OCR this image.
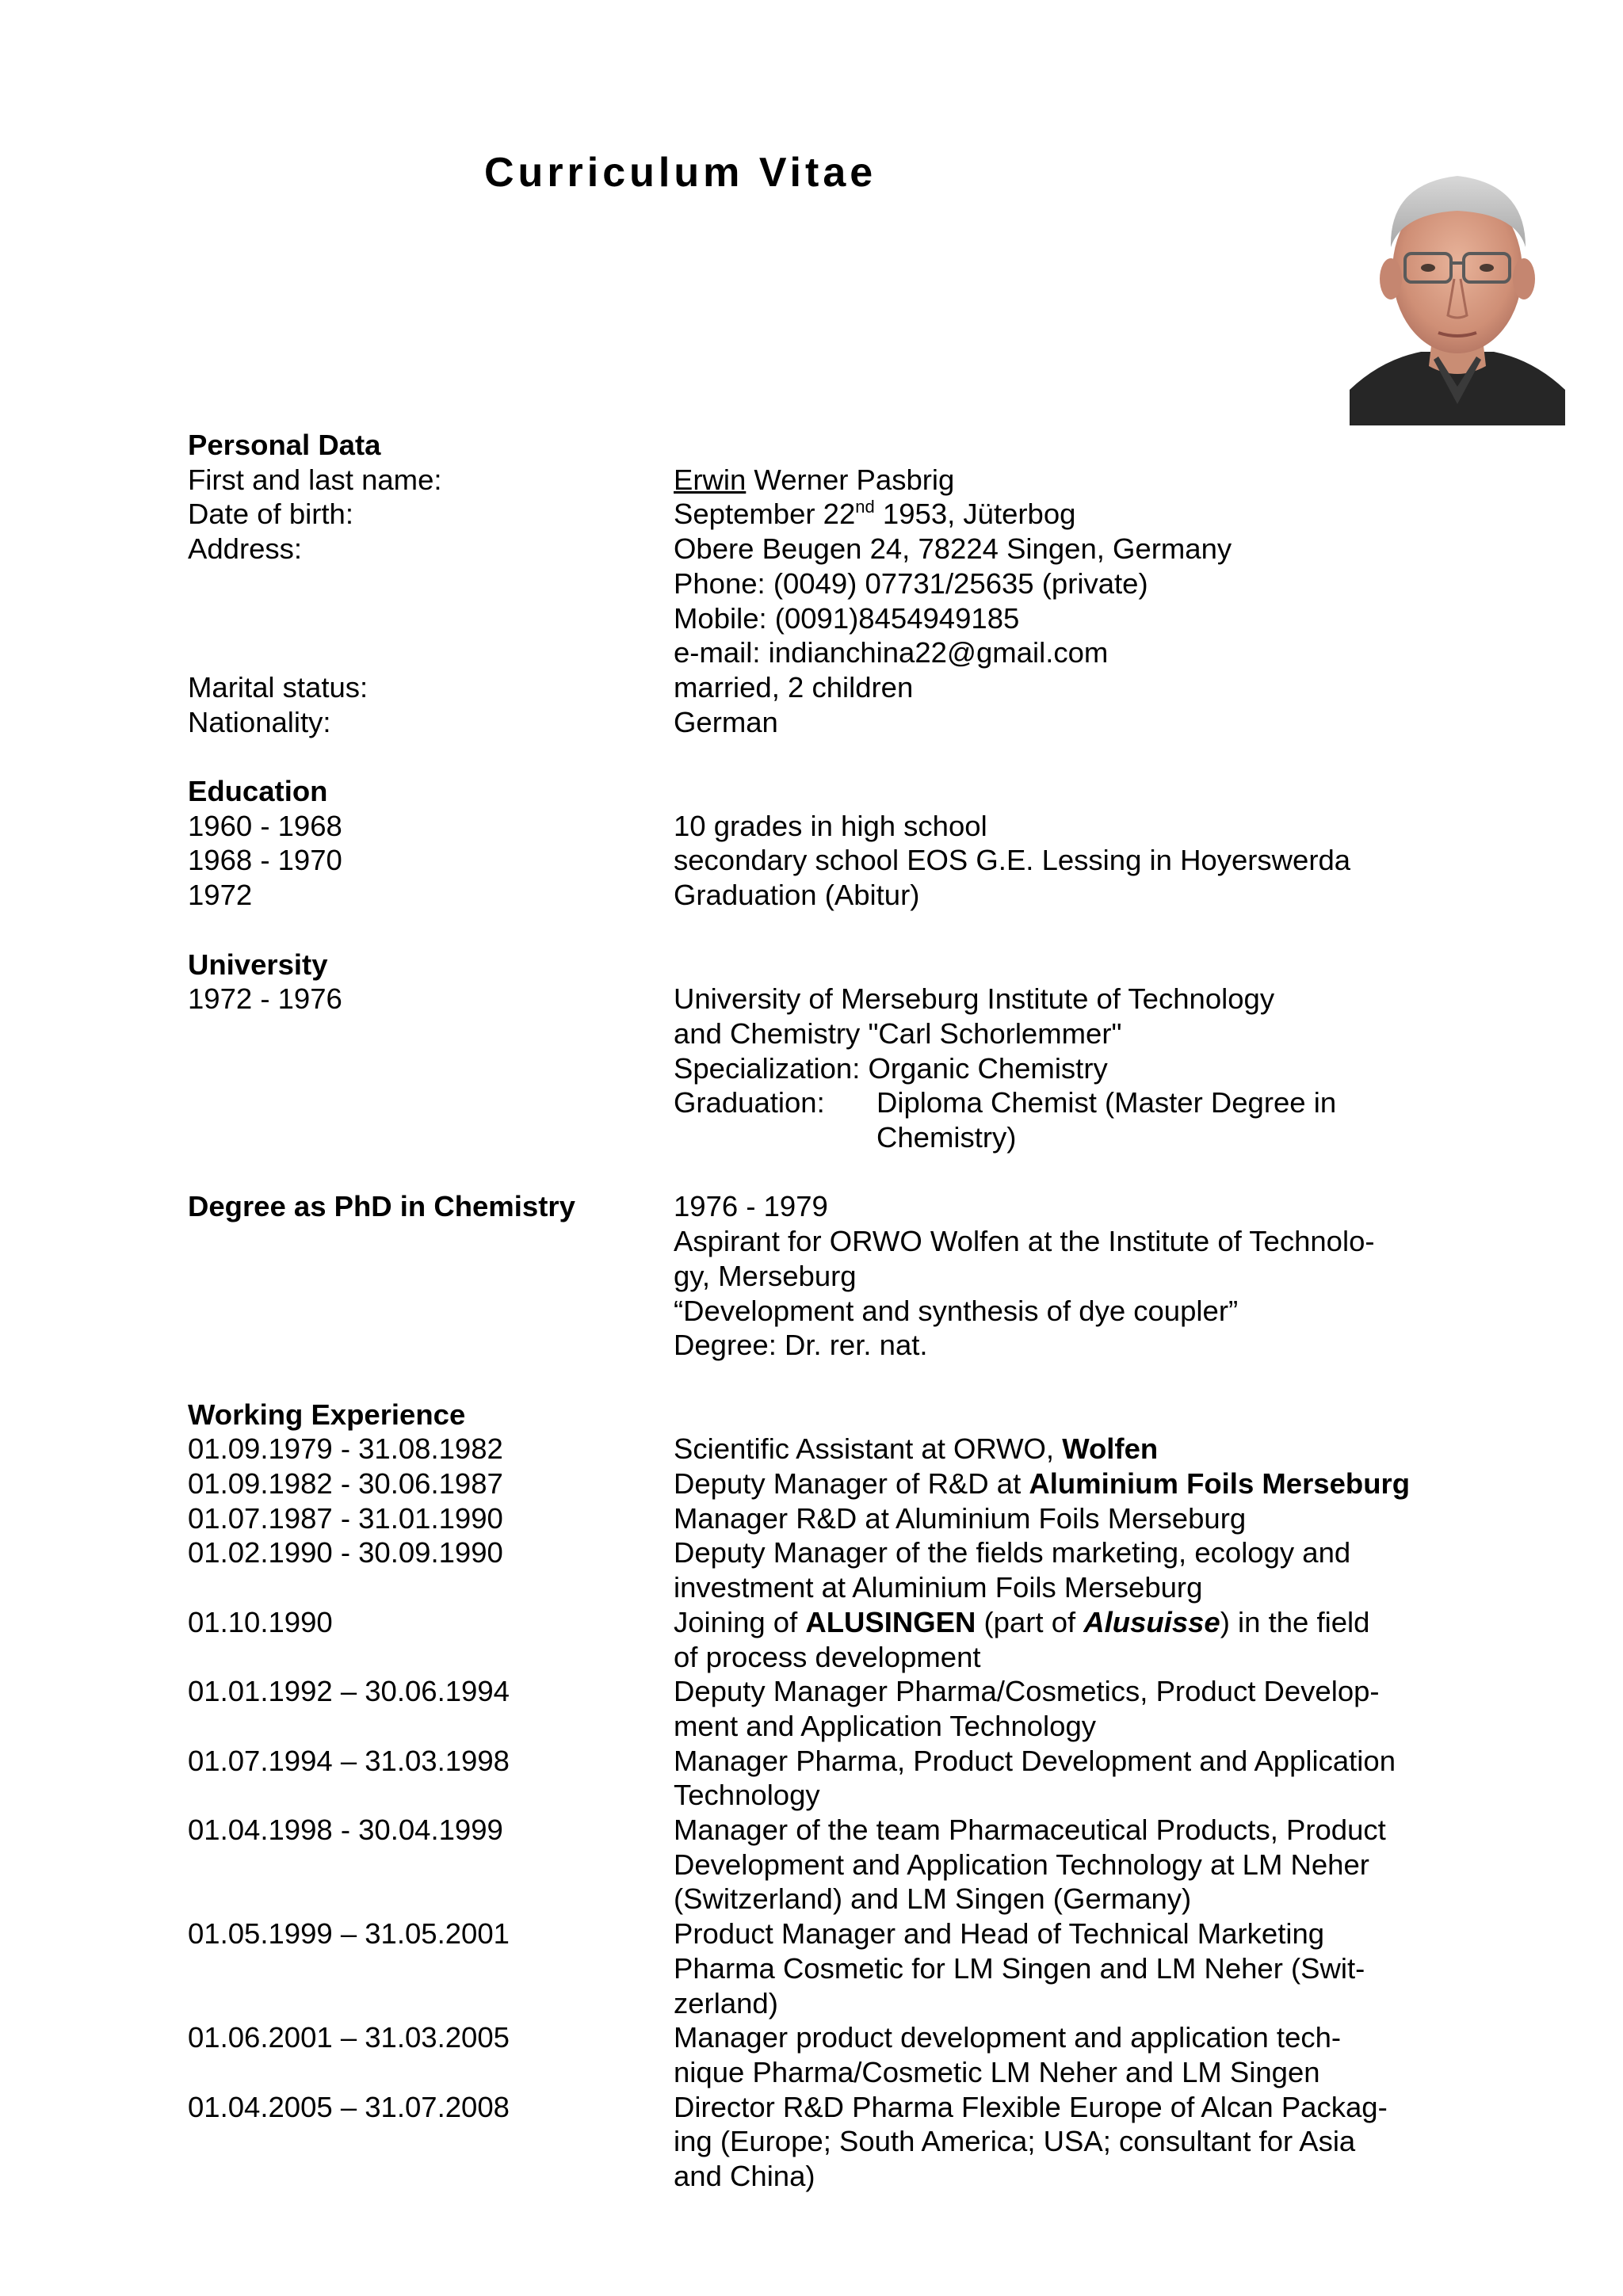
Curriculum Vitae
Personal Data
First and last name:	Erwin Werner Pasbrig
Date of birth:	September 22nd 1953, Jüterbog
Address:	Obere Beugen 24, 78224 Singen, Germany
Phone: (0049) 07731/25635 (private)
Mobile: (0091)8454949185
e-mail: indianchina22@gmail.com
Marital status:	married, 2 children
Nationality:	German
Education
1960 - 1968	10 grades in high school
1968 - 1970	secondary school EOS G.E. Lessing in Hoyerswerda
1972	Graduation (Abitur)
University
1972 - 1976	University of Merseburg Institute of Technology
and Chemistry "Carl Schorlemmer"
Specialization: Organic Chemistry
Graduation:	Diploma Chemist (Master Degree in
Chemistry)
Degree as PhD in Chemistry	1976 - 1979
Aspirant for ORWO Wolfen at the Institute of Technolo-
gy, Merseburg
“Development and synthesis of dye coupler”
Degree: Dr. rer. nat.
Working Experience
01.09.1979 - 31.08.1982	Scientific Assistant at ORWO, Wolfen
01.09.1982 - 30.06.1987	Deputy Manager of R&D at Aluminium Foils Merseburg
01.07.1987 - 31.01.1990	Manager R&D at Aluminium Foils Merseburg
01.02.1990 - 30.09.1990	Deputy Manager of the fields marketing, ecology and
investment at Aluminium Foils Merseburg
01.10.1990	Joining of ALUSINGEN (part of Alusuisse) in the field
of process development
01.01.1992 – 30.06.1994	Deputy Manager Pharma/Cosmetics, Product Develop-
ment and Application Technology
01.07.1994 – 31.03.1998	Manager Pharma, Product Development and Application
Technology
01.04.1998 - 30.04.1999	Manager of the team Pharmaceutical Products, Product
Development and Application Technology at LM Neher
(Switzerland) and LM Singen (Germany)
01.05.1999 – 31.05.2001	Product Manager and Head of Technical Marketing
Pharma Cosmetic for LM Singen and LM Neher (Swit-
zerland)
01.06.2001 – 31.03.2005	Manager product development and application tech-
nique Pharma/Cosmetic LM Neher and LM Singen
01.04.2005 – 31.07.2008	Director R&D Pharma Flexible Europe of Alcan Packag-
ing (Europe; South America; USA; consultant for Asia
and China)
